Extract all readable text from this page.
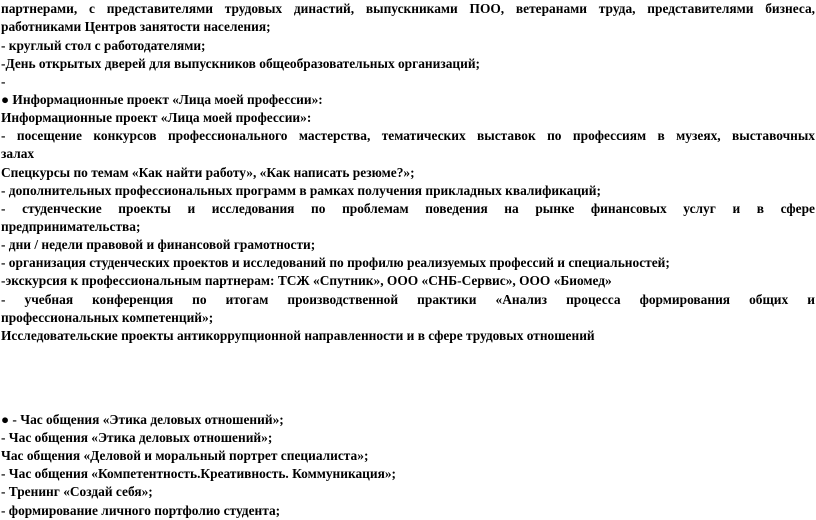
партнерами, с представителями трудовых династий, выпускниками ПОО, ветеранами труда, представителями бизнеса,
работниками Центров занятости населения;
- круглый стол с работодателями;
-День открытых дверей для выпускников общеобразовательных организаций;
-
● Информационные проект «Лица моей профессии»:
Информационные проект «Лица моей профессии»:
- посещение конкурсов профессионального мастерства, тематических выставок по профессиям в музеях, выставочных
залах
Спецкурсы по темам «Как найти работу», «Как написать резюме?»;
- дополнительных профессиональных программ в рамках получения прикладных квалификаций;
- студенческие проекты и исследования по проблемам поведения на рынке финансовых услуг и в сфере
предпринимательства;
- дни / недели правовой и финансовой грамотности;
- организация студенческих проектов и исследований по профилю реализуемых профессий и специальностей;
-экскурсия к профессиональным партнерам: ТСЖ «Спутник», ООО «СНБ-Сервис», ООО «Биомед»
- учебная конференция по итогам производственной практики «Анализ процесса формирования общих и
профессиональных компетенций»;
Исследовательские проекты антикоррупционной направленности и в сфере трудовых отношений
● - Час общения «Этика деловых отношений»;
- Час общения «Этика деловых отношений»;
Час общения «Деловой и моральный портрет специалиста»;
- Час общения «Компетентность.Креативность. Коммуникация»;
- Тренинг «Создай себя»;
- формирование личного портфолио студента;
